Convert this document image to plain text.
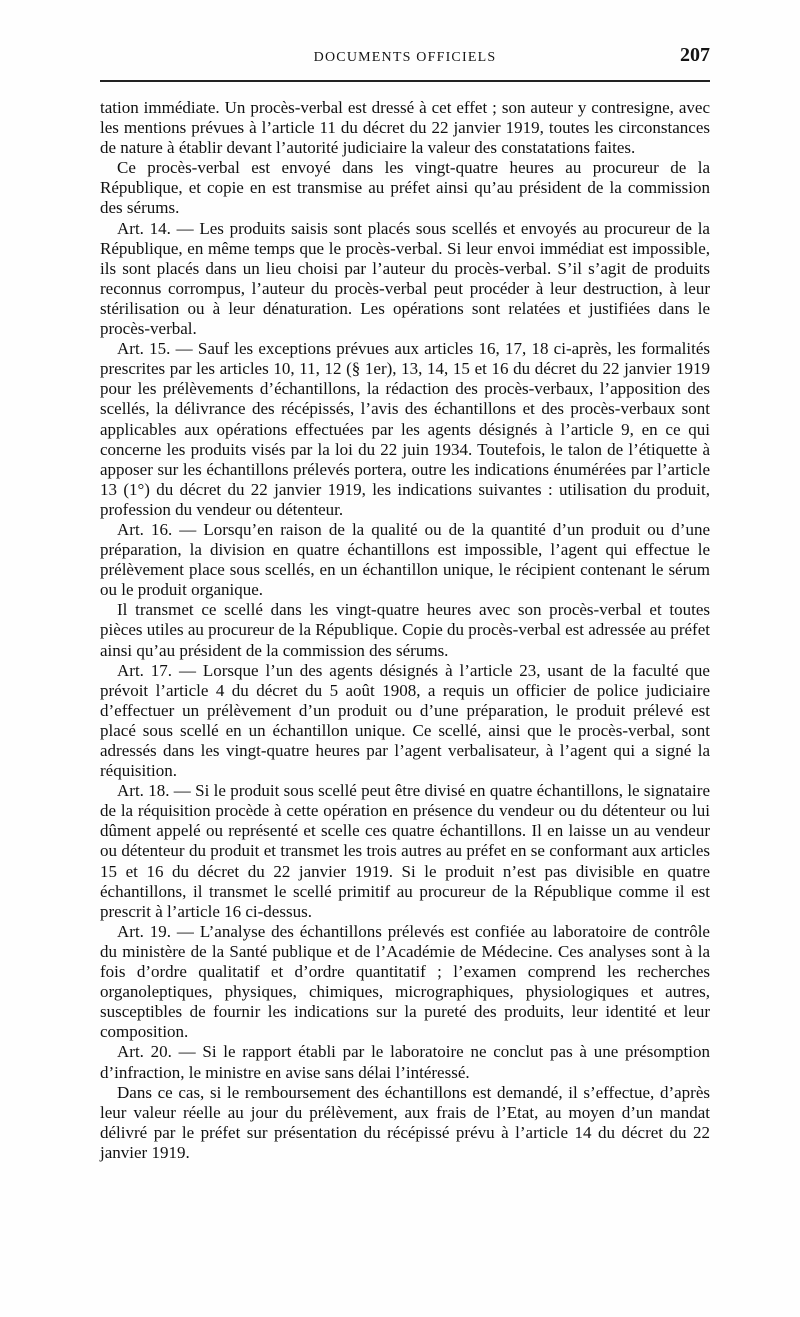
DOCUMENTS OFFICIELS	207

tation immédiate. Un procès-verbal est dressé à cet effet ; son auteur y contresigne, avec les mentions prévues à l’article 11 du décret du 22 janvier 1919, toutes les circonstances de nature à établir devant l’autorité judiciaire la valeur des constatations faites.

Ce procès-verbal est envoyé dans les vingt-quatre heures au procureur de la République, et copie en est transmise au préfet ainsi qu’au président de la commission des sérums.

Art. 14. — Les produits saisis sont placés sous scellés et envoyés au procureur de la République, en même temps que le procès-verbal. Si leur envoi immédiat est impossible, ils sont placés dans un lieu choisi par l’auteur du procès-verbal. S’il s’agit de produits reconnus corrompus, l’auteur du procès-verbal peut procéder à leur destruction, à leur stérilisation ou à leur dénaturation. Les opérations sont relatées et justifiées dans le procès-verbal.

Art. 15. — Sauf les exceptions prévues aux articles 16, 17, 18 ci-après, les formalités prescrites par les articles 10, 11, 12 (§ 1er), 13, 14, 15 et 16 du décret du 22 janvier 1919 pour les prélèvements d’échantillons, la rédaction des procès-verbaux, l’apposition des scellés, la délivrance des récépissés, l’avis des échantillons et des procès-verbaux sont applicables aux opérations effectuées par les agents désignés à l’article 9, en ce qui concerne les produits visés par la loi du 22 juin 1934. Toutefois, le talon de l’étiquette à apposer sur les échantillons prélevés portera, outre les indications énumérées par l’article 13 (1°) du décret du 22 janvier 1919, les indications suivantes : utilisation du produit, profession du vendeur ou détenteur.

Art. 16. — Lorsqu’en raison de la qualité ou de la quantité d’un produit ou d’une préparation, la division en quatre échantillons est impossible, l’agent qui effectue le prélèvement place sous scellés, en un échantillon unique, le récipient contenant le sérum ou le produit organique.

Il transmet ce scellé dans les vingt-quatre heures avec son procès-verbal et toutes pièces utiles au procureur de la République. Copie du procès-verbal est adressée au préfet ainsi qu’au président de la commission des sérums.

Art. 17. — Lorsque l’un des agents désignés à l’article 23, usant de la faculté que prévoit l’article 4 du décret du 5 août 1908, a requis un officier de police judiciaire d’effectuer un prélèvement d’un produit ou d’une préparation, le produit prélevé est placé sous scellé en un échantillon unique. Ce scellé, ainsi que le procès-verbal, sont adressés dans les vingt-quatre heures par l’agent verbalisateur, à l’agent qui a signé la réquisition.

Art. 18. — Si le produit sous scellé peut être divisé en quatre échantillons, le signataire de la réquisition procède à cette opération en présence du vendeur ou du détenteur ou lui dûment appelé ou représenté et scelle ces quatre échantillons. Il en laisse un au vendeur ou détenteur du produit et transmet les trois autres au préfet en se conformant aux articles 15 et 16 du décret du 22 janvier 1919. Si le produit n’est pas divisible en quatre échantillons, il transmet le scellé primitif au procureur de la République comme il est prescrit à l’article 16 ci-dessus.

Art. 19. — L’analyse des échantillons prélevés est confiée au laboratoire de contrôle du ministère de la Santé publique et de l’Académie de Médecine. Ces analyses sont à la fois d’ordre qualitatif et d’ordre quantitatif ; l’examen comprend les recherches organoleptiques, physiques, chimiques, micrographiques, physiologiques et autres, susceptibles de fournir les indications sur la pureté des produits, leur identité et leur composition.

Art. 20. — Si le rapport établi par le laboratoire ne conclut pas à une présomption d’infraction, le ministre en avise sans délai l’intéressé.

Dans ce cas, si le remboursement des échantillons est demandé, il s’effectue, d’après leur valeur réelle au jour du prélèvement, aux frais de l’Etat, au moyen d’un mandat délivré par le préfet sur présentation du récépissé prévu à l’article 14 du décret du 22 janvier 1919.
